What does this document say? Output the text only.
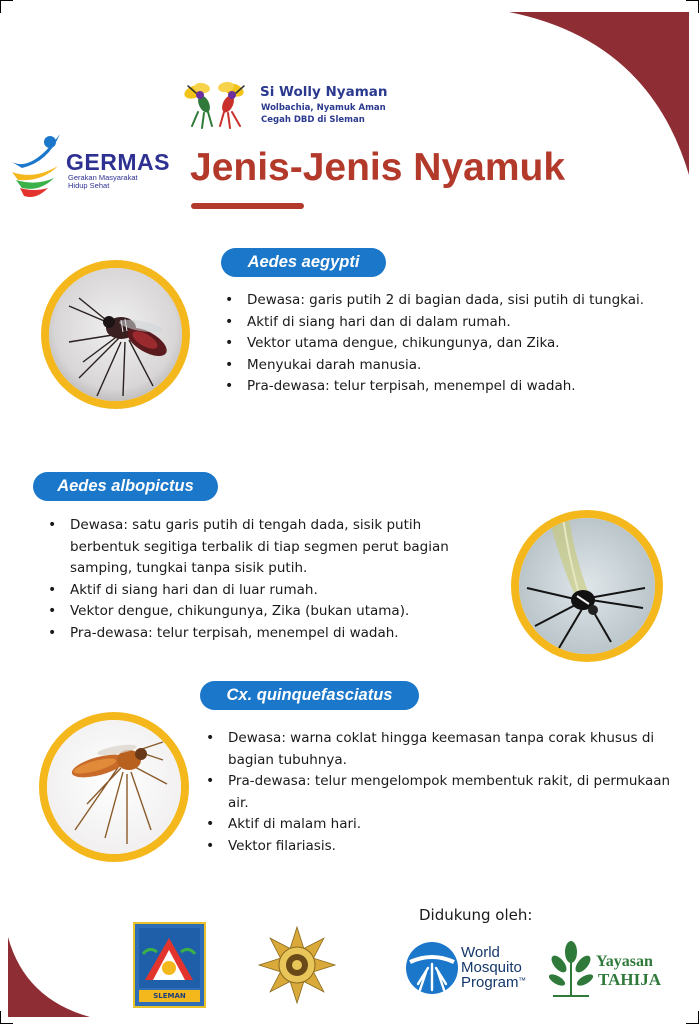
Si Wolly Nyaman
Wolbachia, Nyamuk Aman
Cegah DBD di Sleman
GERMAS
Gerakan Masyarakat
Hidup Sehat Jenis-Jenis Nyamuk
Aedes aegypti
• Dewasa: garis putih 2 di bagian dada, sisi putih di tungkai.
• Aktif di siang hari dan di dalam rumah.
• Vektor utama dengue, chikungunya, dan Zika.
• Menyukai darah manusia.
• Pra-dewasa: telur terpisah, menempel di wadah.
Aedes albopictus
• Dewasa: satu garis putih di tengah dada, sisik putih berbentuk segitiga terbalik di tiap segmen perut bagian samping, tungkai tanpa sisik putih.
• Aktif di siang hari dan di luar rumah.
• Vektor dengue, chikungunya, Zika (bukan utama).
• Pra-dewasa: telur terpisah, menempel di wadah.
Cx. quinquefasciatus
• Dewasa: warna coklat hingga keemasan tanpa corak khusus di bagian tubuhnya.
• Pra-dewasa: telur mengelompok membentuk rakit, di permukaan air.
• Aktif di malam hari.
• Vektor filariasis.
Didukung oleh:
SLEMAN
World
Mosquito
Program ™
Yayasan
TAHIJA
